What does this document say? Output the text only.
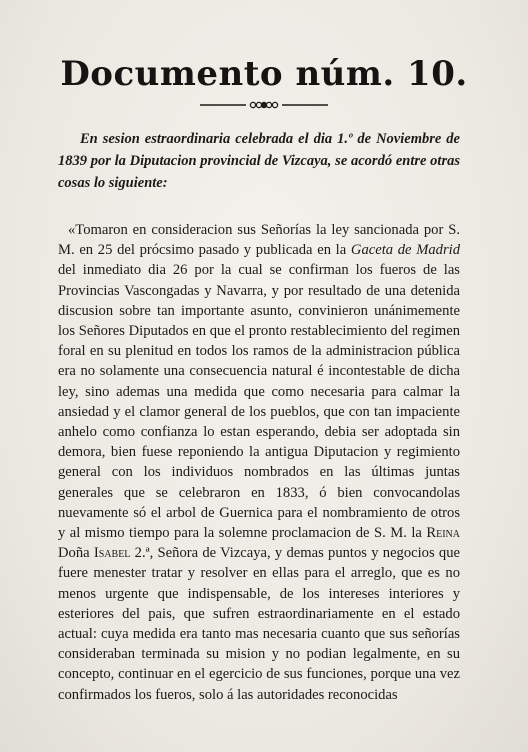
Documento núm. 10.

En sesion estraordinaria celebrada el dia 1.º de Noviembre de 1839 por la Diputacion provincial de Vizcaya, se acordó entre otras cosas lo siguiente:

«Tomaron en consideracion sus Señorías la ley sancionada por S. M. en 25 del prócsimo pasado y publicada en la Gaceta de Madrid del inmediato dia 26 por la cual se confirman los fueros de las Provincias Vascongadas y Navarra, y por resultado de una detenida discusion sobre tan importante asunto, convinieron unánimemente los Señores Diputados en que el pronto restablecimiento del regimen foral en su plenitud en todos los ramos de la administracion pública era no solamente una consecuencia natural é incontestable de dicha ley, sino ademas una medida que como necesaria para calmar la ansiedad y el clamor general de los pueblos, que con tan impaciente anhelo como confianza lo estan esperando, debia ser adoptada sin demora, bien fuese reponiendo la antigua Diputacion y regimiento general con los individuos nombrados en las últimas juntas generales que se celebraron en 1833, ó bien convocandolas nuevamente só el arbol de Guernica para el nombramiento de otros y al mismo tiempo para la solemne proclamacion de S. M. la Reina Doña Isabel 2.ª, Señora de Vizcaya, y demas puntos y negocios que fuere menester tratar y resolver en ellas para el arreglo, que es no menos urgente que indispensable, de los intereses interiores y esteriores del pais, que sufren estraordinariamente en el estado actual: cuya medida era tanto mas necesaria cuanto que sus señorías consideraban terminada su mision y no podian legalmente, en su concepto, continuar en el egercicio de sus funciones, porque una vez confirmados los fueros, solo á las autoridades reconocidas
